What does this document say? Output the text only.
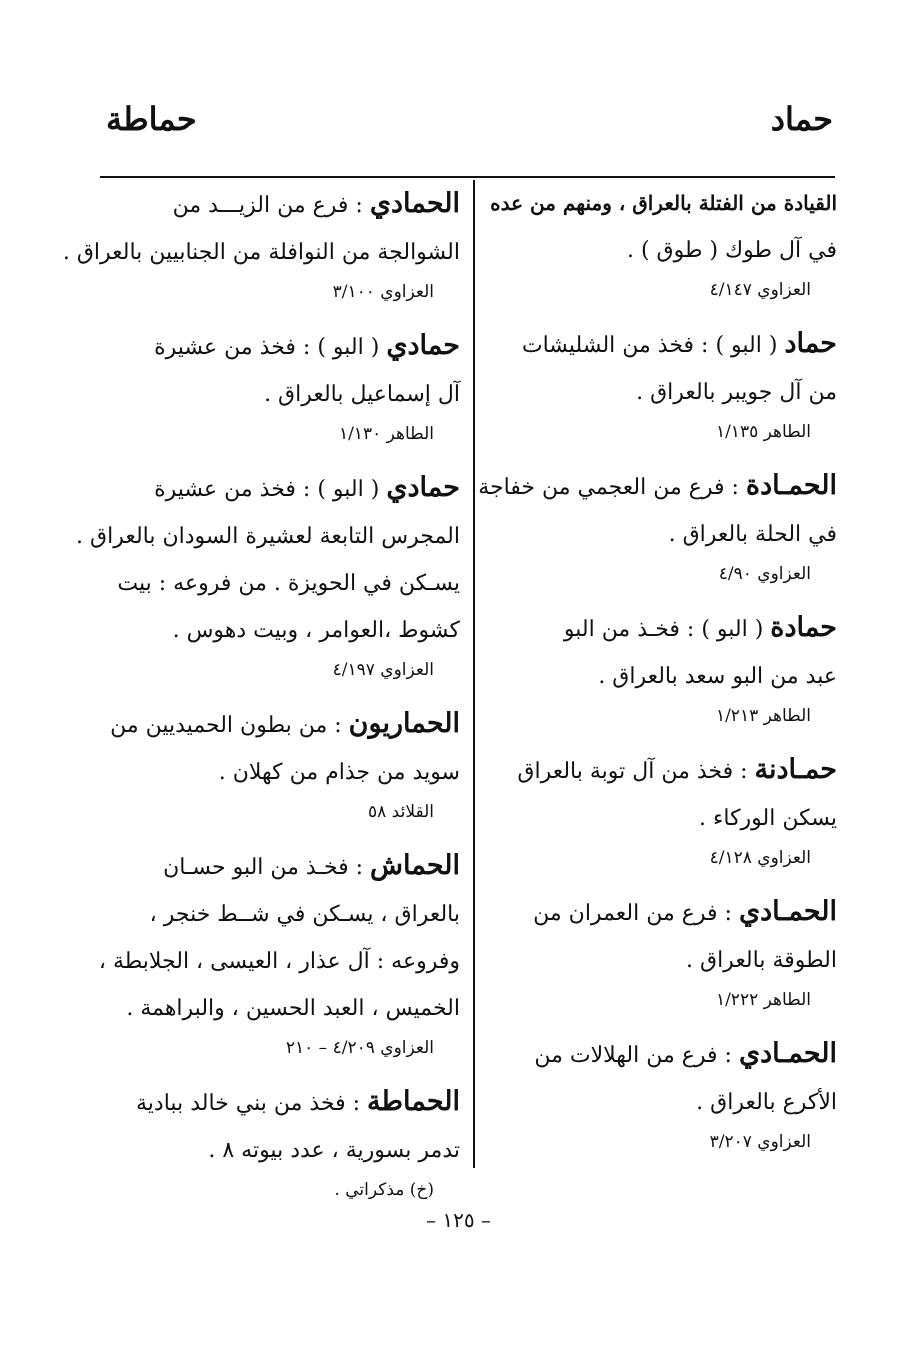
حماد
حماطة
القيادة من الفتلة بالعراق ، ومنهم من عده
في آل طوك ( طوق ) .
العزاوي ٤/١٤٧
حماد ( البو ) : فخذ من الشليشات
من آل جويبر بالعراق .
الطاهر ١/١٣٥
الحمـادة : فرع من العجمي من خفاجة
في الحلة بالعراق .
العزاوي ٤/٩٠
حمادة ( البو ) : فخـذ من البو
عبد من البو سعد بالعراق .
الطاهر ١/٢١٣
حمـادنة : فخذ من آل توبة بالعراق
يسكن الوركاء .
العزاوي ٤/١٢٨
الحمـادي : فرع من العمران من
الطوقة بالعراق .
الطاهر ١/٢٢٢
الحمـادي : فرع من الهلالات من
الأكرع بالعراق .
العزاوي ٣/٢٠٧
الحمادي : فرع من الزيـــد من
الشوالجة من النوافلة من الجنابيين بالعراق .
العزاوي ٣/١٠٠
حمادي ( البو ) : فخذ من عشيرة
آل إسماعيل بالعراق .
الطاهر ١/١٣٠
حمادي ( البو ) : فخذ من عشيرة
المجرس التابعة لعشيرة السودان بالعراق .
يسـكن في الحويزة . من فروعه : بيت
كشوط ،العوامر ، وبيت دهوس .
العزاوي ٤/١٩٧
الحماريون : من بطون الحميديين من
سويد من جذام من كهلان .
القلائد ٥٨
الحماش : فخـذ من البو حسـان
بالعراق ، يسـكن في شــط خنجر ،
وفروعه : آل عذار ، العيسى ، الجلابطة ،
الخميس ، العبد الحسين ، والبراهمة .
العزاوي ٤/٢٠٩ – ٢١٠
الحماطة : فخذ من بني خالد ببادية
تدمر بسورية ، عدد بيوته ٨ .
(خ) مذكراتي .
– ١٢٥ –
